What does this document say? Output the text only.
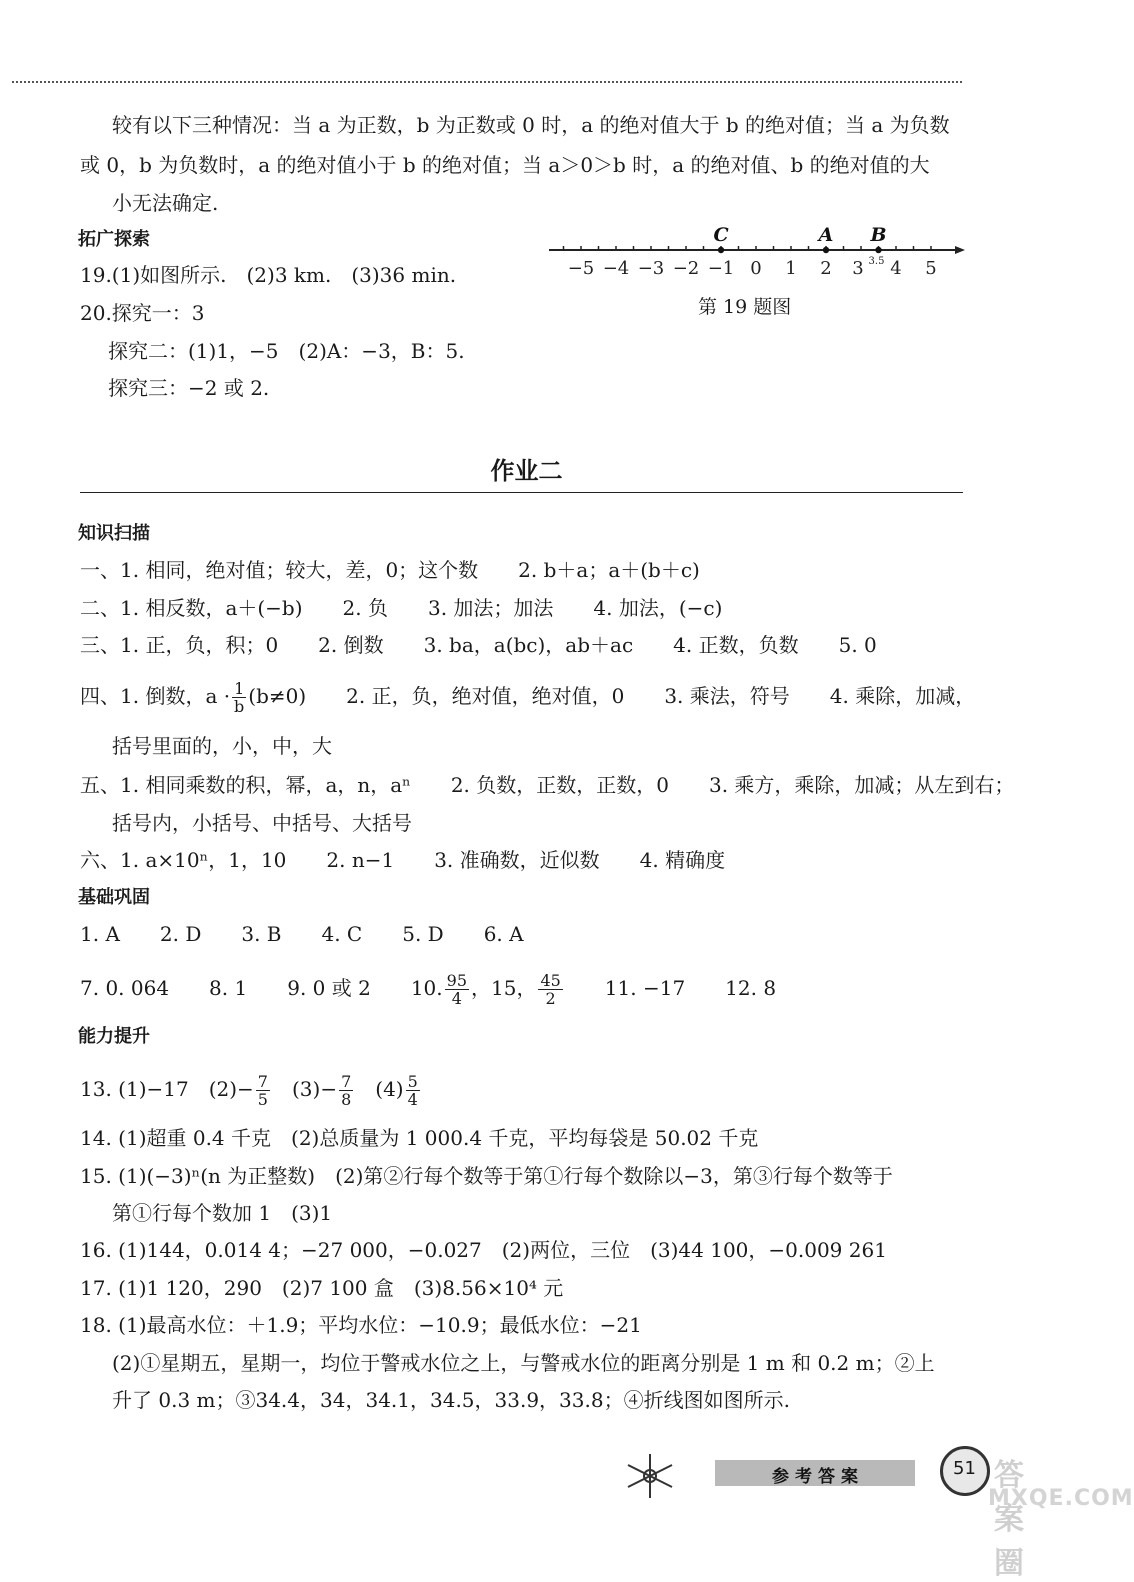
较有以下三种情况：当 a 为正数，b 为正数或 0 时，a 的绝对值大于 b 的绝对值；当 a 为负数
或 0，b 为负数时，a 的绝对值小于 b 的绝对值；当 a＞0＞b 时，a 的绝对值、b 的绝对值的大
小无法确定.
拓广探索
19.(1)如图所示.　(2)3 km.　(3)36 min.
20.探究一：3
探究二：(1)1，−5　(2)A：−3，B：5.
探究三：−2 或 2.
−5 −4 −3 −2 −1 0 1 2 3 4 5
C	A B
3.5
第 19 题图
作业二
知识扫描
一、1. 相同，绝对值；较大，差，0；这个数　　2. b＋a；a＋(b＋c)
二、1. 相反数，a＋(−b)　　2. 负　　3. 加法；加法　　4. 加法，(−c)
三、1. 正，负，积；0　　2. 倒数　　3. ba，a(bc)，ab＋ac　　4. 正数，负数　　5. 0
四、1. 倒数，$a \cdot \frac{1}{b} (b\ne 0)$　　2. 正，负，绝对值，绝对值，0　　3. 乘法，符号　　4. 乘除，加减，
括号里面的，小，中，大
五、1. 相同乘数的积，幂，a，n，aⁿ　　2. 负数，正数，正数，0　　3. 乘方，乘除，加减；从左到右；
括号内，小括号、中括号、大括号
六、1. a×10ⁿ，1，10　　2. n−1　　3. 准确数，近似数　　4. 精确度
基础巩固
1. A　　2. D　　3. B　　4. C　　5. D　　6. A
7. 0. 064　　8. 1　　9. 0 或 2　　10. $\frac{95}{4}$ ，15， $\frac{45}{2}$ 　　11. −17　　12. 8
能力提升
13. (1)−17　$(2)- \frac{7}{5}$ 　$(3)- \frac{7}{8}$ 　$(4) \frac{5}{4}$
14. (1)超重 0.4 千克　(2)总质量为 1 000.4 千克，平均每袋是 50.02 千克
15. (1)(−3)ⁿ(n 为正整数)　(2)第②行每个数等于第①行每个数除以−3，第③行每个数等于
第①行每个数加 1　(3)1
16. (1)144，0.014 4；−27 000，−0.027　(2)两位，三位　(3)44 100，−0.009 261
17. (1)1 120，290　(2)7 100 盒　(3)8.56×10⁴ 元
18. (1)最高水位：＋1.9；平均水位：−10.9；最低水位：−21
(2)①星期五，星期一，均位于警戒水位之上，与警戒水位的距离分别是 1 m 和 0.2 m；②上
升了 0.3 m；③34.4，34，34.1，34.5，33.9，33.8；④折线图如图所示.
参考答案	51 答案圈
MXQE.COM
